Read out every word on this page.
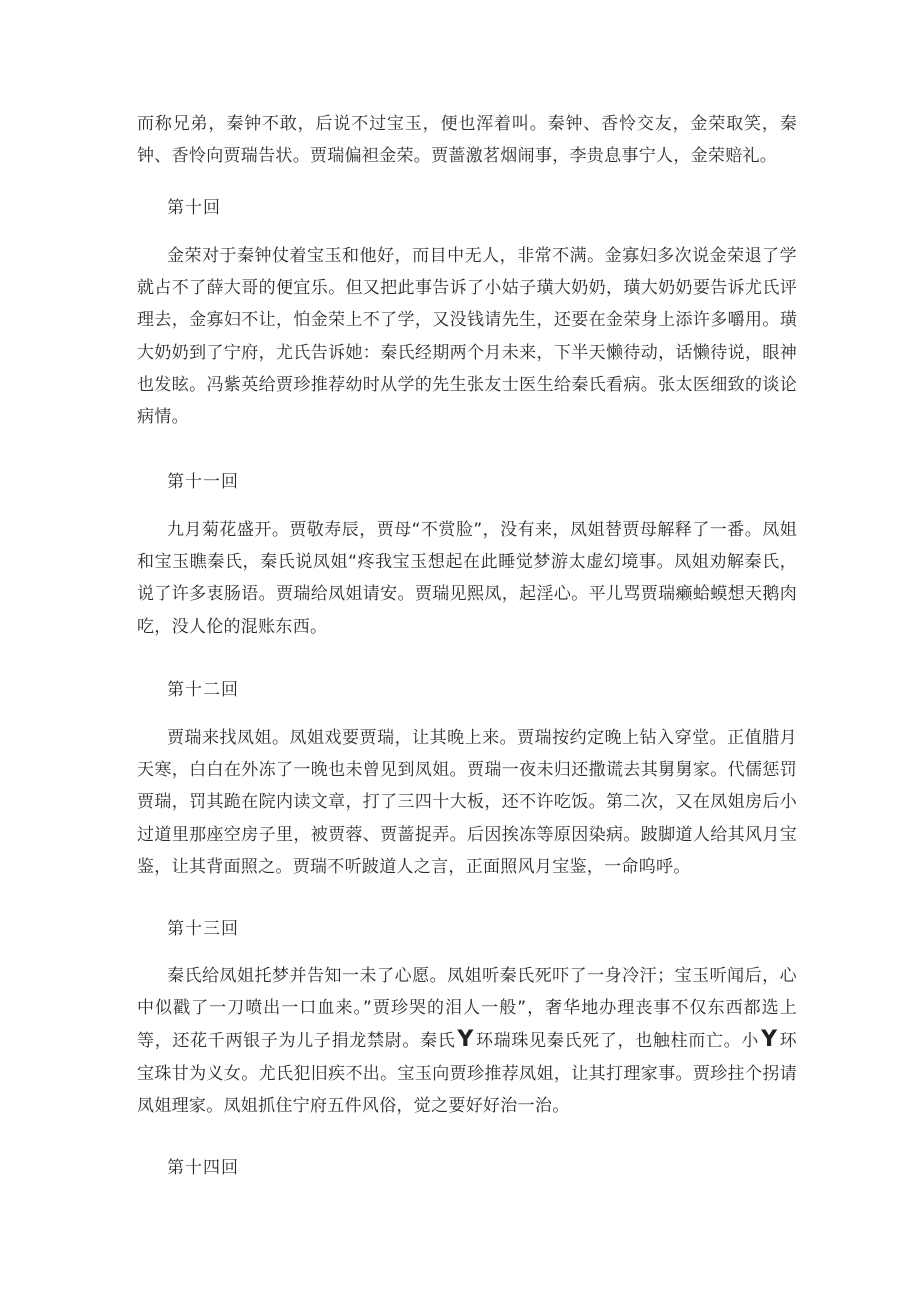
而称兄弟，秦钟不敢，后说不过宝玉，便也浑着叫。秦钟、香怜交友，金荣取笑，秦钟、香怜向贾瑞告状。贾瑞偏袒金荣。贾蔷激茗烟闹事，李贵息事宁人，金荣赔礼。

第十回

金荣对于秦钟仗着宝玉和他好，而目中无人，非常不满。金寡妇多次说金荣退了学就占不了薛大哥的便宜乐。但又把此事告诉了小姑子璜大奶奶，璜大奶奶要告诉尤氏评理去，金寡妇不让，怕金荣上不了学，又没钱请先生，还要在金荣身上添许多嚼用。璜大奶奶到了宁府，尤氏告诉她：秦氏经期两个月未来，下半天懒待动，话懒待说，眼神也发眩。冯紫英给贾珍推荐幼时从学的先生张友士医生给秦氏看病。张太医细致的谈论病情。

第十一回

九月菊花盛开。贾敬寿辰，贾母“不赏脸”，没有来，凤姐替贾母解释了一番。凤姐和宝玉瞧秦氏，秦氏说凤姐“疼我宝玉想起在此睡觉梦游太虚幻境事。凤姐劝解秦氏，说了许多衷肠语。贾瑞给凤姐请安。贾瑞见熙凤，起淫心。平儿骂贾瑞癞蛤蟆想天鹅肉吃，没人伦的混账东西。

第十二回

贾瑞来找凤姐。凤姐戏要贾瑞，让其晚上来。贾瑞按约定晚上钻入穿堂。正值腊月天寒，白白在外冻了一晚也未曾见到凤姐。贾瑞一夜未归还撒谎去其舅舅家。代儒惩罚贾瑞，罚其跪在院内读文章，打了三四十大板，还不许吃饭。第二次，又在凤姐房后小过道里那座空房子里，被贾蓉、贾蔷捉弄。后因挨冻等原因染病。跛脚道人给其风月宝鉴，让其背面照之。贾瑞不听跛道人之言，正面照风月宝鉴，一命呜呼。

第十三回

秦氏给凤姐托梦并告知一未了心愿。凤姐听秦氏死吓了一身冷汗；宝玉听闻后，心中似戳了一刀喷出一口血来。”贾珍哭的泪人一般”，奢华地办理丧事不仅东西都选上等，还花千两银子为儿子捐龙禁尉。秦氏Y 环瑞珠见秦氏死了，也触柱而亡。小Y 环宝珠甘为义女。尤氏犯旧疾不出。宝玉向贾珍推荐凤姐，让其打理家事。贾珍拄个拐请凤姐理家。凤姐抓住宁府五件风俗，觉之要好好治一治。

第十四回
